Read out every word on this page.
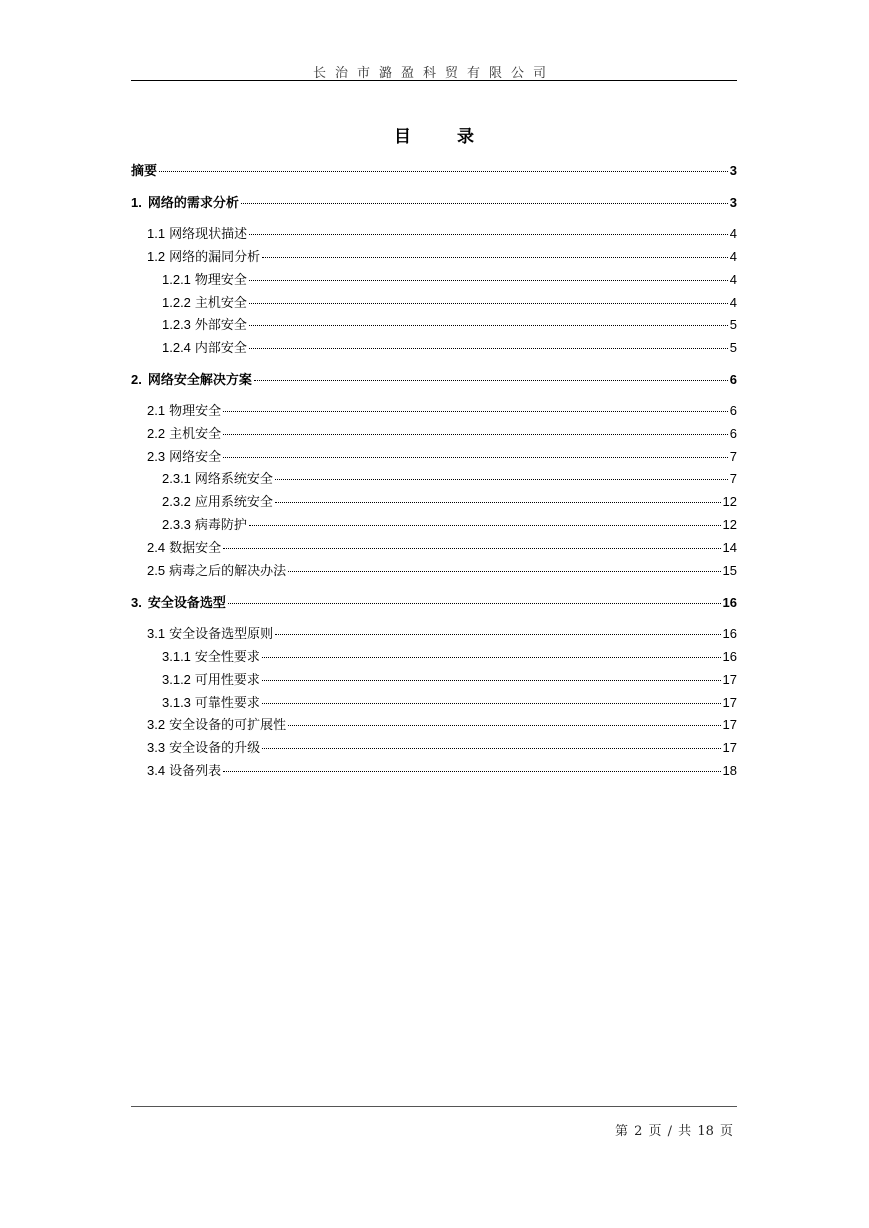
长治市潞盈科贸有限公司
目 录
摘要	3
1. 网络的需求分析	3
1.1 网络现状描述	4
1.2 网络的漏同分析	4
1.2.1 物理安全	4
1.2.2 主机安全	4
1.2.3 外部安全	5
1.2.4 内部安全	5
2. 网络安全解决方案	6
2.1 物理安全	6
2.2 主机安全	6
2.3 网络安全	7
2.3.1 网络系统安全	7
2.3.2 应用系统安全	12
2.3.3 病毒防护	12
2.4 数据安全	14
2.5 病毒之后的解决办法	15
3. 安全设备选型	16
3.1 安全设备选型原则	16
3.1.1 安全性要求	16
3.1.2 可用性要求	17
3.1.3 可靠性要求	17
3.2 安全设备的可扩展性	17
3.3 安全设备的升级	17
3.4 设备列表	18
第 2 页 / 共 18 页
